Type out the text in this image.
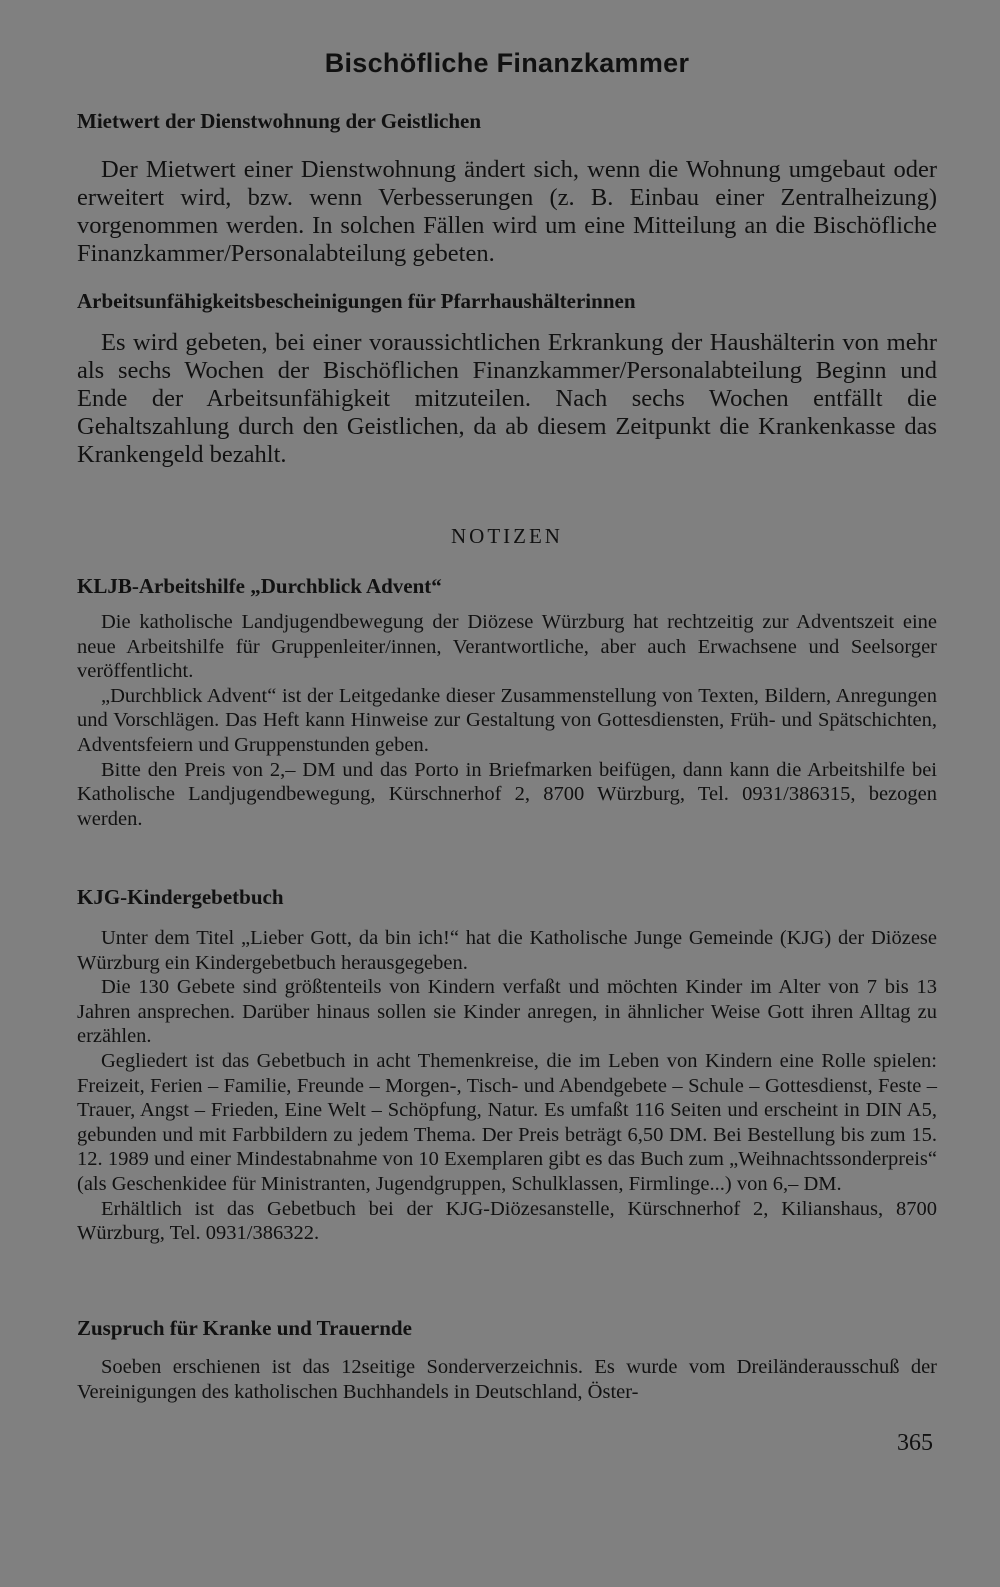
Bischöfliche Finanzkammer
Mietwert der Dienstwohnung der Geistlichen

Der Mietwert einer Dienstwohnung ändert sich, wenn die Wohnung umgebaut oder erweitert wird, bzw. wenn Verbesserungen (z. B. Einbau einer Zentralheizung) vorgenommen werden. In solchen Fällen wird um eine Mitteilung an die Bischöfliche Finanzkammer/Personalabteilung gebeten.

Arbeitsunfähigkeitsbescheinigungen für Pfarrhaushälterinnen

Es wird gebeten, bei einer voraussichtlichen Erkrankung der Haushälterin von mehr als sechs Wochen der Bischöflichen Finanzkammer/Personalabteilung Beginn und Ende der Arbeitsunfähigkeit mitzuteilen. Nach sechs Wochen entfällt die Gehaltszahlung durch den Geistlichen, da ab diesem Zeitpunkt die Krankenkasse das Krankengeld bezahlt.

NOTIZEN
KLJB-Arbeitshilfe „Durchblick Advent“

Die katholische Landjugendbewegung der Diözese Würzburg hat rechtzeitig zur Adventszeit eine neue Arbeitshilfe für Gruppenleiter/innen, Verantwortliche, aber auch Erwachsene und Seelsorger veröffentlicht.

„Durchblick Advent“ ist der Leitgedanke dieser Zusammenstellung von Texten, Bildern, Anregungen und Vorschlägen. Das Heft kann Hinweise zur Gestaltung von Gottesdiensten, Früh- und Spätschichten, Adventsfeiern und Gruppenstunden geben.

Bitte den Preis von 2,– DM und das Porto in Briefmarken beifügen, dann kann die Arbeitshilfe bei Katholische Landjugendbewegung, Kürschnerhof 2, 8700 Würzburg, Tel. 0931/386315, bezogen werden.

KJG-Kindergebetbuch

Unter dem Titel „Lieber Gott, da bin ich!“ hat die Katholische Junge Gemeinde (KJG) der Diözese Würzburg ein Kindergebetbuch herausgegeben.

Die 130 Gebete sind größtenteils von Kindern verfaßt und möchten Kinder im Alter von 7 bis 13 Jahren ansprechen. Darüber hinaus sollen sie Kinder anregen, in ähnlicher Weise Gott ihren Alltag zu erzählen.

Gegliedert ist das Gebetbuch in acht Themenkreise, die im Leben von Kindern eine Rolle spielen: Freizeit, Ferien – Familie, Freunde – Morgen-, Tisch- und Abendgebete – Schule – Gottesdienst, Feste – Trauer, Angst – Frieden, Eine Welt – Schöpfung, Natur. Es umfaßt 116 Seiten und erscheint in DIN A5, gebunden und mit Farbbildern zu jedem Thema. Der Preis beträgt 6,50 DM. Bei Bestellung bis zum 15. 12. 1989 und einer Mindestabnahme von 10 Exemplaren gibt es das Buch zum „Weihnachtssonderpreis“ (als Geschenkidee für Ministranten, Jugendgruppen, Schulklassen, Firmlinge...) von 6,– DM.

Erhältlich ist das Gebetbuch bei der KJG-Diözesanstelle, Kürschnerhof 2, Kilianshaus, 8700 Würzburg, Tel. 0931/386322.

Zuspruch für Kranke und Trauernde

Soeben erschienen ist das 12seitige Sonderverzeichnis. Es wurde vom Dreiländerausschuß der Vereinigungen des katholischen Buchhandels in Deutschland, Öster-

365
